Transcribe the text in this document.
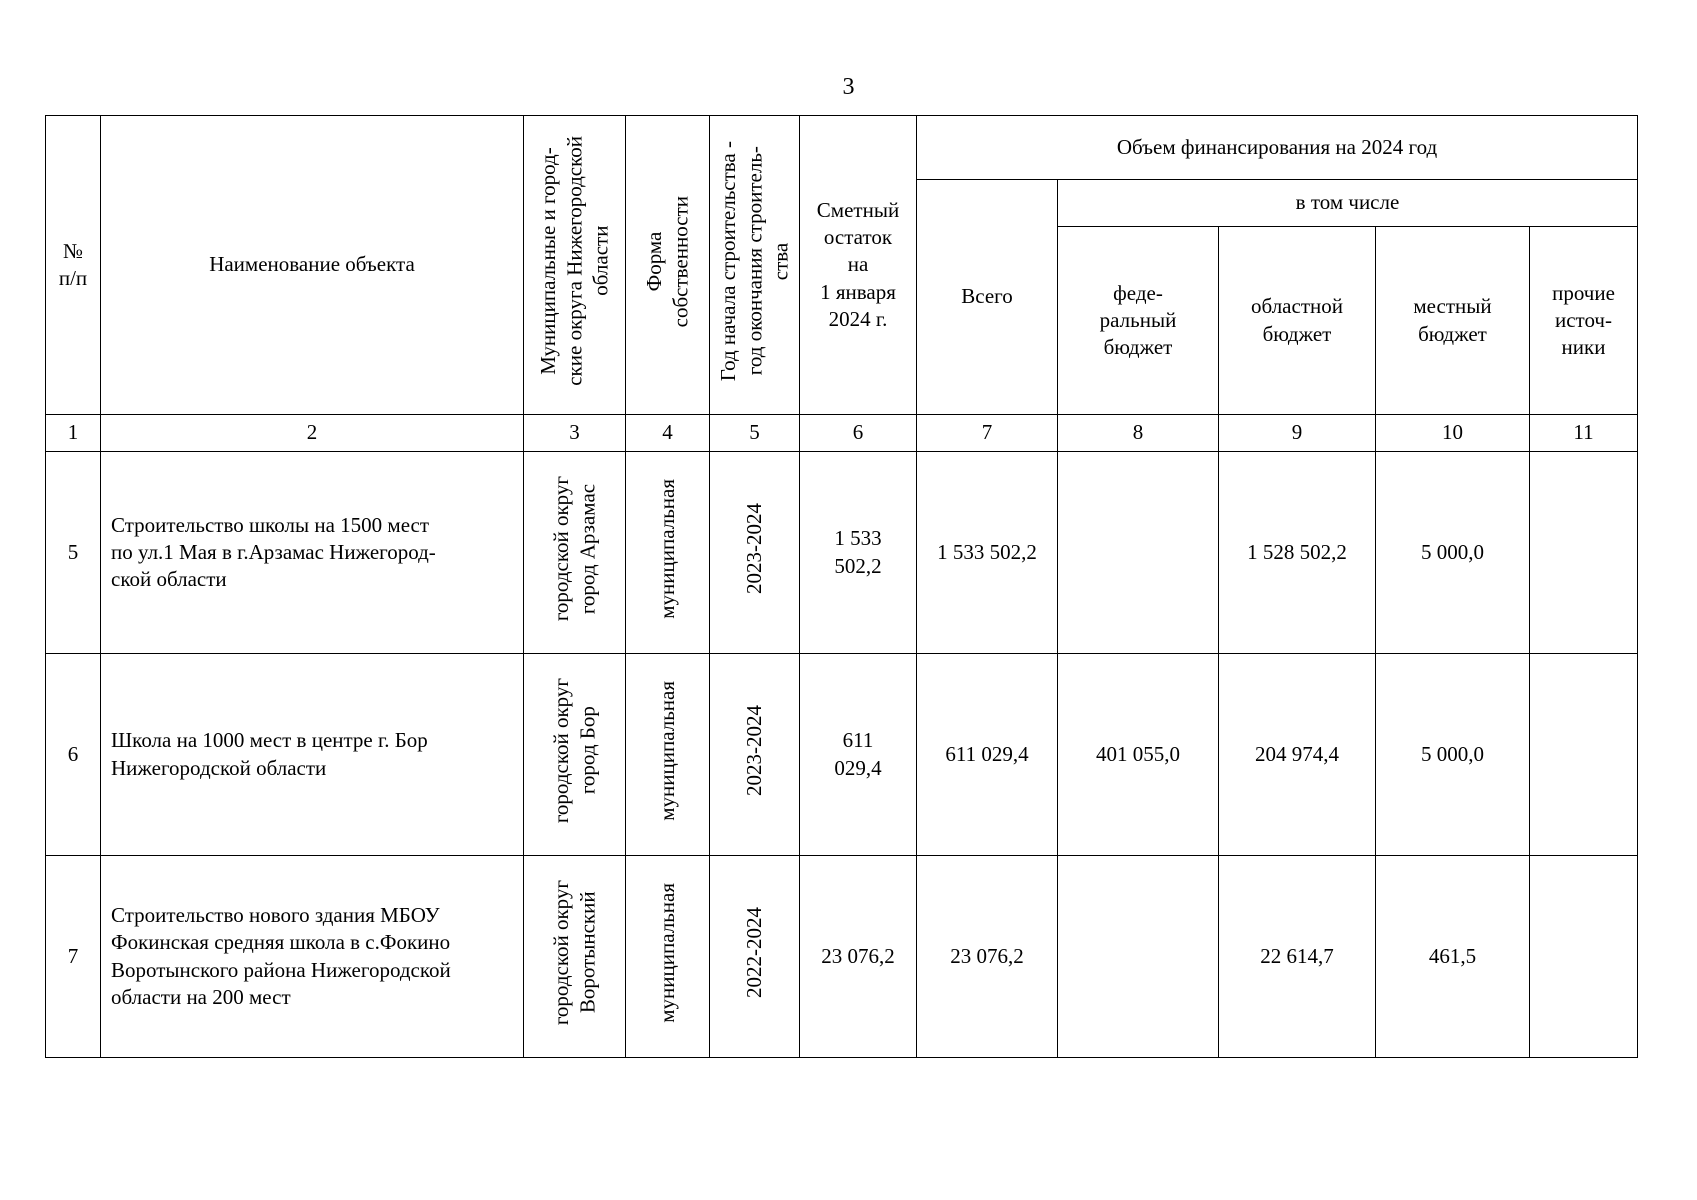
3
№
п/п	Наименование объекта	Муниципальные и город- ские округа Нижегородской области	Форма собственности	Год начала строительства - год окончания строитель- ства	Сметный
остаток
на
1 января
2024 г.	Объем финансирования на 2024 год				
						Всего	в том числе			
							феде-
ральный
бюджет	областной
бюджет	местный
бюджет	прочие
источ-
ники
1	2	3	4	5	6	7	8	9	10	11
5	Строительство школы на 1500 мест
по ул.1 Мая в г.Арзамас Нижегород-
ской области	городской округ город Арзамас	муниципальная	2023-2024	1 533
502,2	1 533 502,2		1 528 502,2	5 000,0	
6	Школа на 1000 мест в центре г. Бор
Нижегородской области	городской округ город Бор	муниципальная	2023-2024	611
029,4	611 029,4	401 055,0	204 974,4	5 000,0	
7	Строительство нового здания МБОУ
Фокинская средняя школа в с.Фокино
Воротынского района Нижегородской
области на 200 мест	городской округ Воротынский	муниципальная	2022-2024	23 076,2	23 076,2		22 614,7	461,5	
